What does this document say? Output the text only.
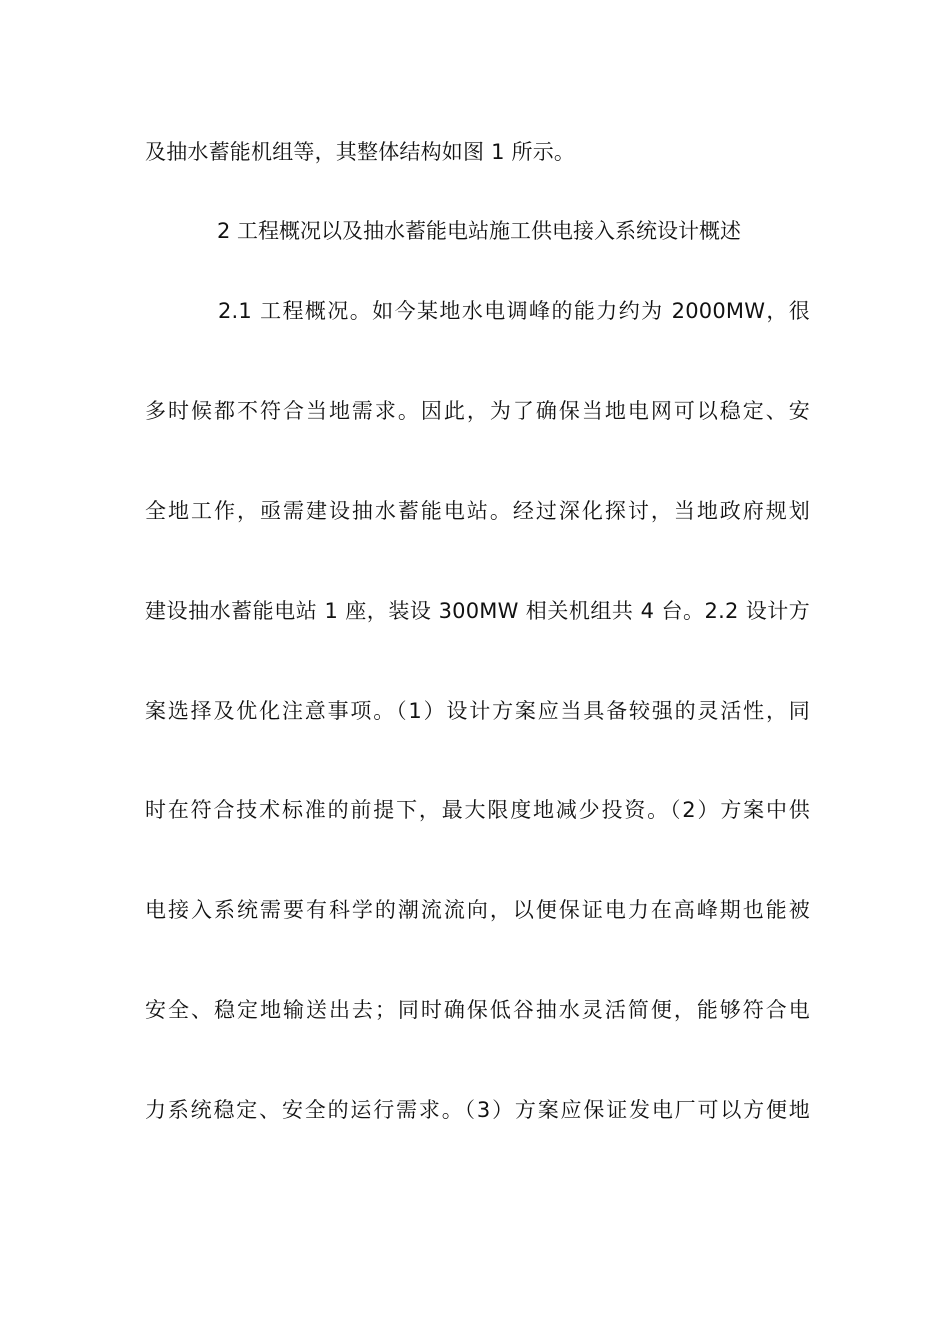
及抽水蓄能机组等，其整体结构如图 1 所示。
2 工程概况以及抽水蓄能电站施工供电接入系统设计概述
2.1 工程概况。如今某地水电调峰的能力约为 2000MW，很
多时候都不符合当地需求。因此，为了确保当地电网可以稳定、安
全地工作，亟需建设抽水蓄能电站。经过深化探讨，当地政府规划
建设抽水蓄能电站 1 座，装设 300MW 相关机组共 4 台。2.2 设计方
案选择及优化注意事项。（1）设计方案应当具备较强的灵活性，同
时在符合技术标准的前提下，最大限度地减少投资。（2）方案中供
电接入系统需要有科学的潮流流向，以便保证电力在高峰期也能被
安全、稳定地输送出去；同时确保低谷抽水灵活简便，能够符合电
力系统稳定、安全的运行需求。（3）方案应保证发电厂可以方便地
